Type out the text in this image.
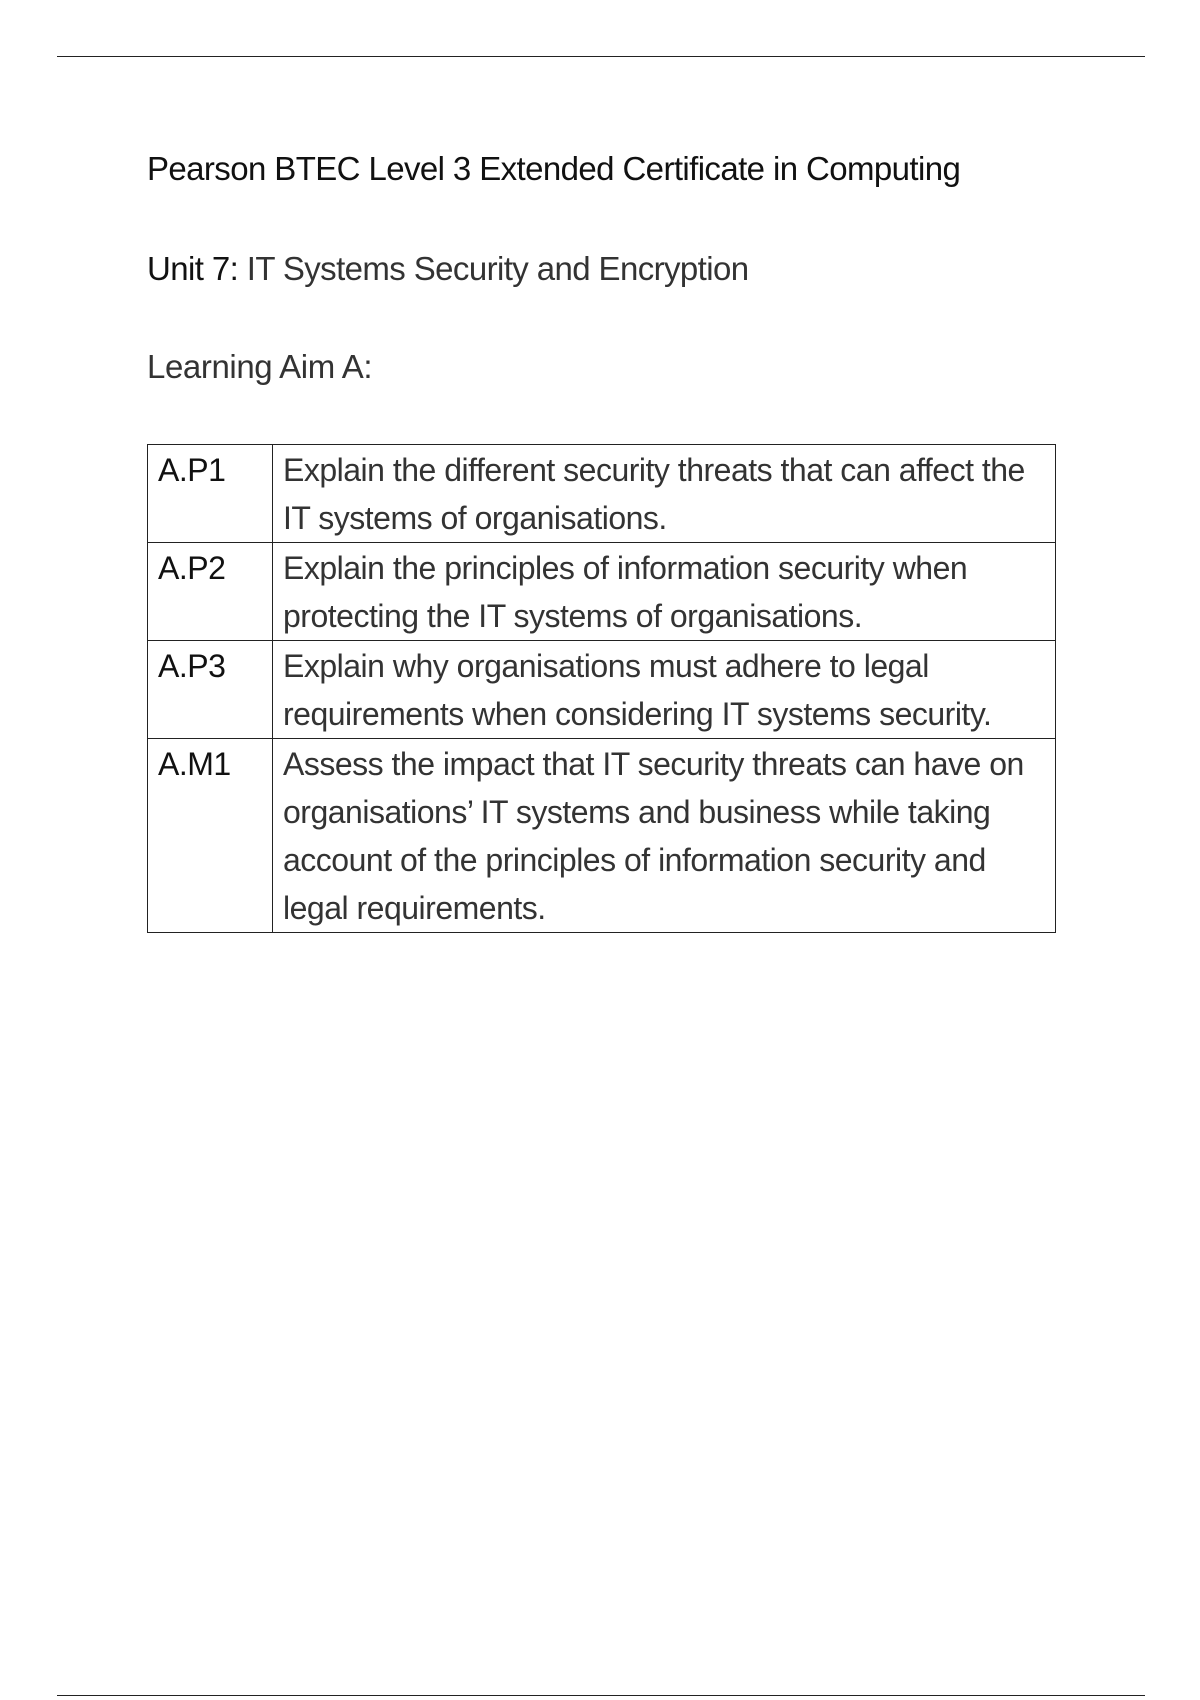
Pearson BTEC Level 3 Extended Certificate in Computing
Unit 7: IT Systems Security and Encryption
Learning Aim A:
A.P1	Explain the different security threats that can affect the IT systems of organisations.
A.P2	Explain the principles of information security when protecting the IT systems of organisations.
A.P3	Explain why organisations must adhere to legal requirements when considering IT systems security.
A.M1	Assess the impact that IT security threats can have on organisations’ IT systems and business while taking account of the principles of information security and legal requirements.
